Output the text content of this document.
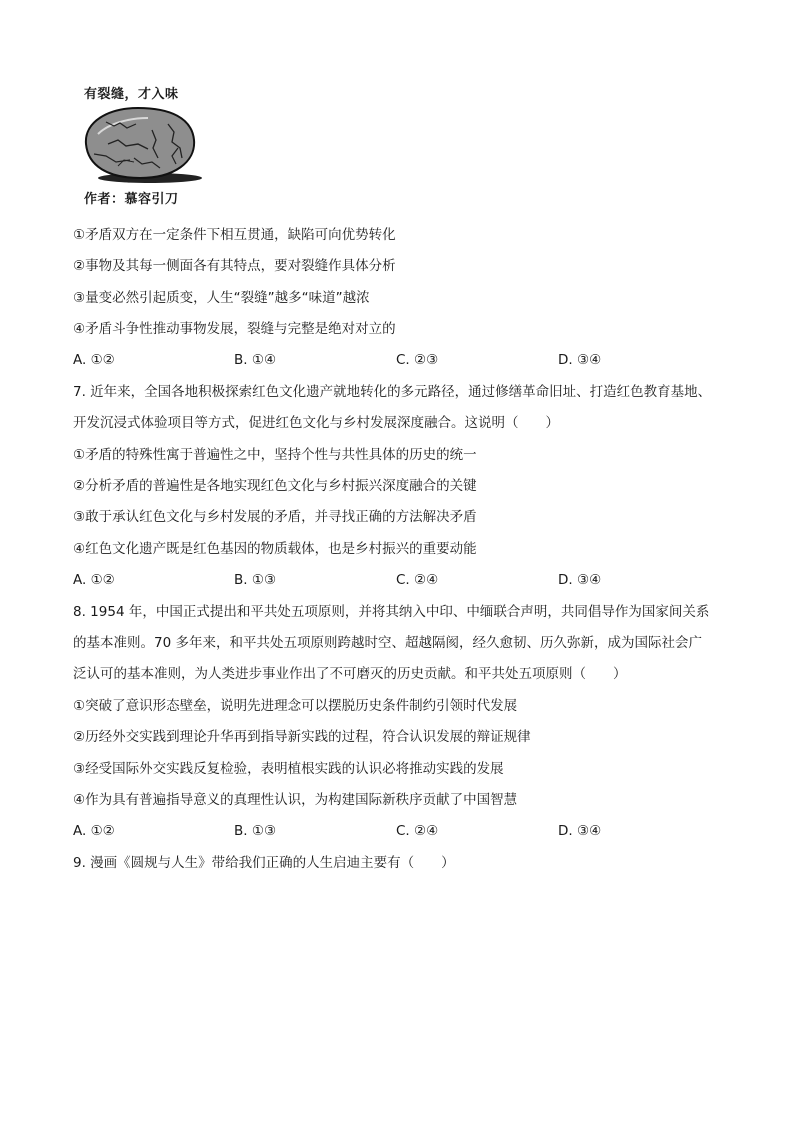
有裂缝，才入味
作者：慕容引刀
①矛盾双方在一定条件下相互贯通，缺陷可向优势转化
②事物及其每一侧面各有其特点，要对裂缝作具体分析
③量变必然引起质变，人生“裂缝”越多“味道”越浓
④矛盾斗争性推动事物发展，裂缝与完整是绝对对立的
A. ①②	B. ①④	C. ②③	D. ③④
7. 近年来，全国各地积极探索红色文化遗产就地转化的多元路径，通过修缮革命旧址、打造红色教育基地、
开发沉浸式体验项目等方式，促进红色文化与乡村发展深度融合。这说明（　　）
①矛盾的特殊性寓于普遍性之中，坚持个性与共性具体的历史的统一
②分析矛盾的普遍性是各地实现红色文化与乡村振兴深度融合的关键
③敢于承认红色文化与乡村发展的矛盾，并寻找正确的方法解决矛盾
④红色文化遗产既是红色基因的物质载体，也是乡村振兴的重要动能
A. ①②	B. ①③	C. ②④	D. ③④
8. 1954 年，中国正式提出和平共处五项原则，并将其纳入中印、中缅联合声明，共同倡导作为国家间关系
的基本准则。70 多年来，和平共处五项原则跨越时空、超越隔阂，经久愈韧、历久弥新，成为国际社会广
泛认可的基本准则，为人类进步事业作出了不可磨灭的历史贡献。和平共处五项原则（　　）
①突破了意识形态壁垒，说明先进理念可以摆脱历史条件制约引领时代发展
②历经外交实践到理论升华再到指导新实践的过程，符合认识发展的辩证规律
③经受国际外交实践反复检验，表明植根实践的认识必将推动实践的发展
④作为具有普遍指导意义的真理性认识，为构建国际新秩序贡献了中国智慧
A. ①②	B. ①③	C. ②④	D. ③④
9. 漫画《圆规与人生》带给我们正确的人生启迪主要有（　　）
